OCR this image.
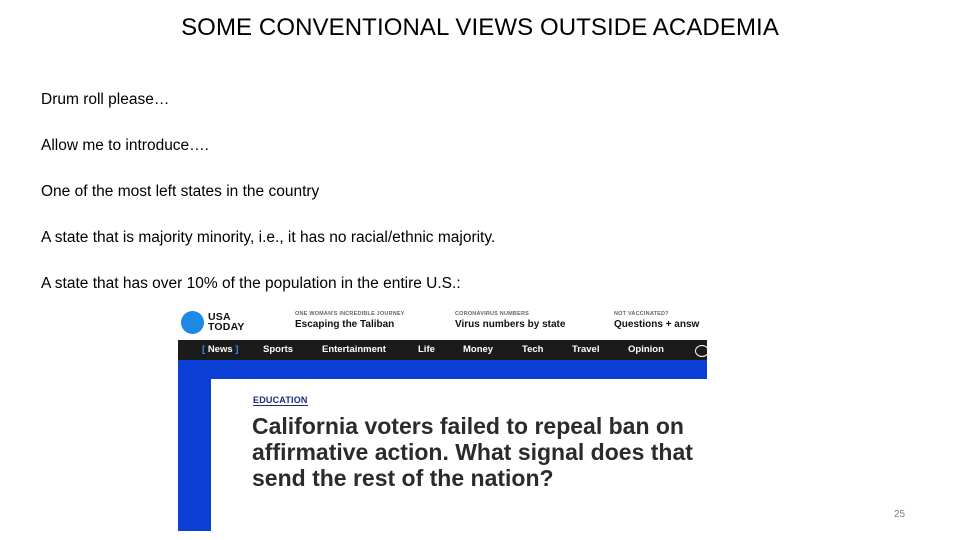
SOME CONVENTIONAL VIEWS OUTSIDE ACADEMIA
Drum roll please…
Allow me to introduce….
One of the most left states in the country
A state that is majority minority, i.e., it has no racial/ethnic majority.
A state that has over 10% of the population in the entire U.S.:
USA
TODAY
ONE WOMAN'S INCREDIBLE JOURNEY
Escaping the Taliban
CORONAVIRUS NUMBERS
Virus numbers by state
NOT VACCINATED?
Questions + answ
[ News ]	Sports	Entertainment	Life	Money	Tech	Travel	Opinion
EDUCATION
California voters failed to repeal ban on affirmative action. What signal does that send the rest of the nation?
25
